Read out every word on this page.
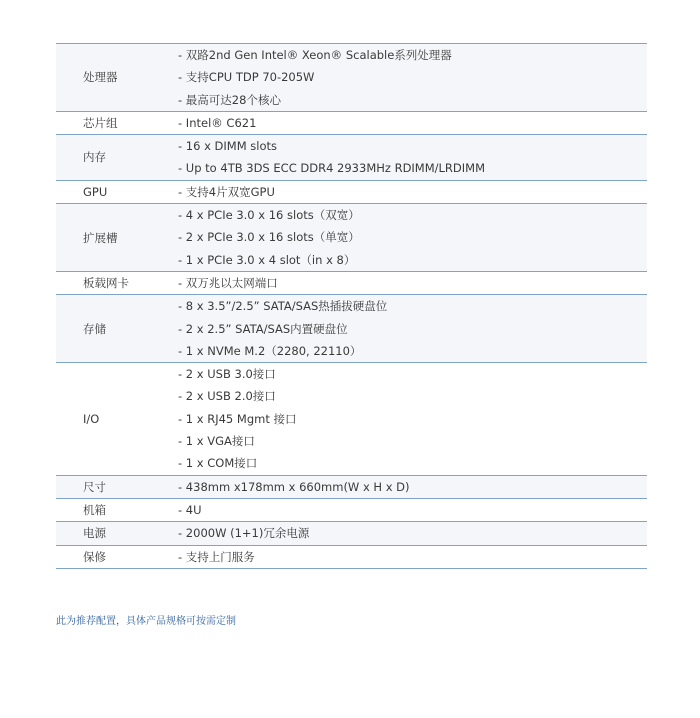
处理器	- 双路2nd Gen Intel® Xeon® Scalable系列处理器
- 支持CPU TDP 70-205W
- 最高可达28个核心

芯片组	- Intel® C621

内存	- 16 x DIMM slots
- Up to 4TB 3DS ECC DDR4 2933MHz RDIMM/LRDIMM

GPU	- 支持4片双宽GPU

扩展槽	- 4 x PCIe 3.0 x 16 slots（双宽）
- 2 x PCIe 3.0 x 16 slots（单宽）
- 1 x PCIe 3.0 x 4 slot（in x 8）

板载网卡	- 双万兆以太网端口

存储	- 8 x 3.5”/2.5” SATA/SAS热插拔硬盘位
- 2 x 2.5” SATA/SAS内置硬盘位
- 1 x NVMe M.2（2280, 22110）

I/O	- 2 x USB 3.0接口
- 2 x USB 2.0接口
- 1 x RJ45 Mgmt 接口
- 1 x VGA接口
- 1 x COM接口

尺寸	- 438mm x178mm x 660mm(W x H x D)

机箱	- 4U

电源	- 2000W (1+1)冗余电源

保修	- 支持上门服务
此为推荐配置，具体产品规格可按需定制
